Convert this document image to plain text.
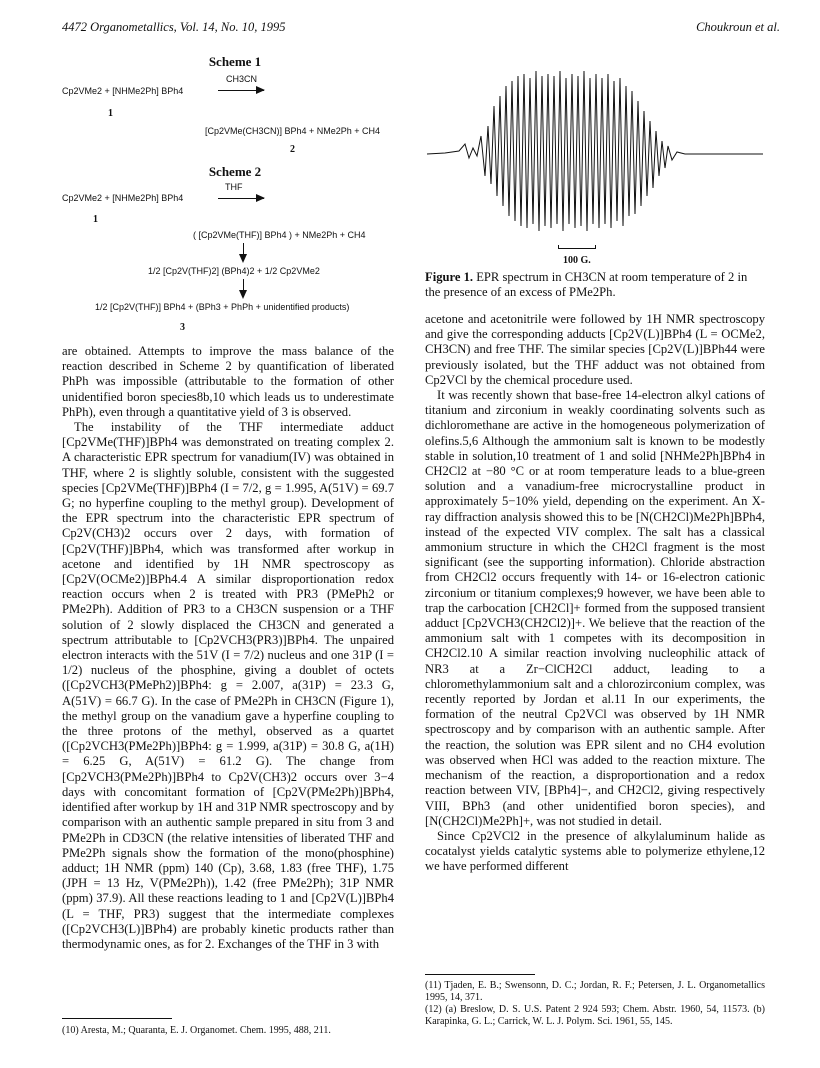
4472 Organometallics, Vol. 14, No. 10, 1995	Choukroun et al.
Scheme 1
Cp2VMe2 + [NHMe2Ph] BPh4
CH3CN
1
[Cp2VMe(CH3CN)] BPh4 + NMe2Ph + CH4
2
Scheme 2
Cp2VMe2 + [NHMe2Ph] BPh4
THF
1
( [Cp2VMe(THF)] BPh4 ) + NMe2Ph + CH4
1/2 [Cp2V(THF)2] (BPh4)2 + 1/2 Cp2VMe2
1/2 [Cp2V(THF)] BPh4 + (BPh3 + PhPh + unidentified products)
3

are obtained. Attempts to improve the mass balance of the reaction described in Scheme 2 by quantification of liberated PhPh was impossible (attributable to the formation of other unidentified boron species8b,10 which leads us to underestimate PhPh), even through a quantitative yield of 3 is observed.

The instability of the THF intermediate adduct [Cp2VMe(THF)]BPh4 was demonstrated on treating complex 2. A characteristic EPR spectrum for vanadium(IV) was obtained in THF, where 2 is slightly soluble, consistent with the suggested species [Cp2VMe(THF)]BPh4 (I = 7/2, g = 1.995, A(51V) = 69.7 G; no hyperfine coupling to the methyl group). Development of the EPR spectrum into the characteristic EPR spectrum of Cp2V(CH3)2 occurs over 2 days, with formation of [Cp2V(THF)]BPh4, which was transformed after workup in acetone and identified by 1H NMR spectroscopy as [Cp2V(OCMe2)]BPh4.4 A similar disproportionation redox reaction occurs when 2 is treated with PR3 (PMePh2 or PMe2Ph). Addition of PR3 to a CH3CN suspension or a THF solution of 2 slowly displaced the CH3CN and generated a spectrum attributable to [Cp2VCH3(PR3)]BPh4. The unpaired electron interacts with the 51V (I = 7/2) nucleus and one 31P (I = 1/2) nucleus of the phosphine, giving a doublet of octets ([Cp2VCH3(PMePh2)]BPh4: g = 2.007, a(31P) = 23.3 G, A(51V) = 66.7 G). In the case of PMe2Ph in CH3CN (Figure 1), the methyl group on the vanadium gave a hyperfine coupling to the three protons of the methyl, observed as a quartet ([Cp2VCH3(PMe2Ph)]BPh4: g = 1.999, a(31P) = 30.8 G, a(1H) = 6.25 G, A(51V) = 61.2 G). The change from [Cp2VCH3(PMe2Ph)]BPh4 to Cp2V(CH3)2 occurs over 3−4 days with concomitant formation of [Cp2V(PMe2Ph)]BPh4, identified after workup by 1H and 31P NMR spectroscopy and by comparison with an authentic sample prepared in situ from 3 and PMe2Ph in CD3CN (the relative intensities of liberated THF and PMe2Ph signals show the formation of the mono(phosphine) adduct; 1H NMR (ppm) 140 (Cp), 3.68, 1.83 (free THF), 1.75 (JPH = 13 Hz, V(PMe2Ph)), 1.42 (free PMe2Ph); 31P NMR (ppm) 37.9). All these reactions leading to 1 and [Cp2V(L)]BPh4 (L = THF, PR3) suggest that the intermediate complexes ([Cp2VCH3(L)]BPh4) are probably kinetic products rather than thermodynamic ones, as for 2. Exchanges of the THF in 3 with

(10) Aresta, M.; Quaranta, E. J. Organomet. Chem. 1995, 488, 211.
100 G.
Figure 1. EPR spectrum in CH3CN at room temperature of 2 in the presence of an excess of PMe2Ph.

acetone and acetonitrile were followed by 1H NMR spectroscopy and give the corresponding adducts [Cp2V(L)]BPh4 (L = OCMe2, CH3CN) and free THF. The similar species [Cp2V(L)]BPh44 were previously isolated, but the THF adduct was not obtained from Cp2VCl by the chemical procedure used.

It was recently shown that base-free 14-electron alkyl cations of titanium and zirconium in weakly coordinating solvents such as dichloromethane are active in the homogeneous polymerization of olefins.5,6 Although the ammonium salt is known to be modestly stable in solution,10 treatment of 1 and solid [NHMe2Ph]BPh4 in CH2Cl2 at −80 °C or at room temperature leads to a blue-green solution and a vanadium-free microcrystalline product in approximately 5−10% yield, depending on the experiment. An X-ray diffraction analysis showed this to be [N(CH2Cl)Me2Ph]BPh4, instead of the expected VIV complex. The salt has a classical ammonium structure in which the CH2Cl fragment is the most significant (see the supporting information). Chloride abstraction from CH2Cl2 occurs frequently with 14- or 16-electron cationic zirconium or titanium complexes;9 however, we have been able to trap the carbocation [CH2Cl]+ formed from the supposed transient adduct [Cp2VCH3(CH2Cl2)]+. We believe that the reaction of the ammonium salt with 1 competes with its decomposition in CH2Cl2.10 A similar reaction involving nucleophilic attack of NR3 at a Zr−ClCH2Cl adduct, leading to a chloromethylammonium salt and a chlorozirconium complex, was recently reported by Jordan et al.11 In our experiments, the formation of the neutral Cp2VCl was observed by 1H NMR spectroscopy and by comparison with an authentic sample. After the reaction, the solution was EPR silent and no CH4 evolution was observed when HCl was added to the reaction mixture. The mechanism of the reaction, a disproportionation and a redox reaction between VIV, [BPh4]−, and CH2Cl2, giving respectively VIII, BPh3 (and other unidentified boron species), and [N(CH2Cl)Me2Ph]+, was not studied in detail.

Since Cp2VCl2 in the presence of alkylaluminum halide as cocatalyst yields catalytic systems able to polymerize ethylene,12 we have performed different

(11) Tjaden, E. B.; Swensonn, D. C.; Jordan, R. F.; Petersen, J. L. Organometallics 1995, 14, 371.
(12) (a) Breslow, D. S. U.S. Patent 2 924 593; Chem. Abstr. 1960, 54, 11573. (b) Karapinka, G. L.; Carrick, W. L. J. Polym. Sci. 1961, 55, 145.
